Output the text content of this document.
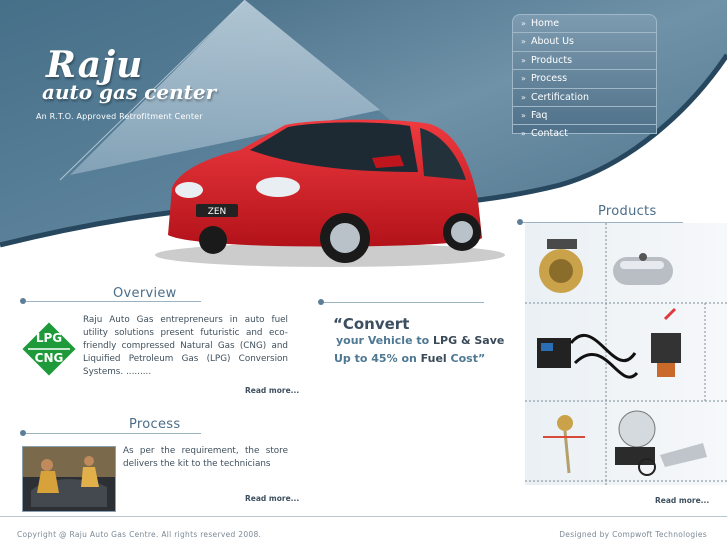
ZEN
Raju
auto gas center
An R.T.O. Approved Retrofitment Center
» Home
» About Us
» Products
» Process
» Certification
» Faq
» Contact
Overview
LPG
CNG
Raju Auto Gas entrepreneurs in auto fuel utility solutions present futuristic and eco-friendly compressed Natural Gas (CNG) and Liquified Petroleum Gas (LPG) Conversion Systems. .........
Read more...
“Convert
your Vehicle to LPG & Save
Up to 45% on Fuel Cost”
Process
As per the requirement, the store delivers the kit to the technicians
Read more...
Products
Read more...
Copyright @ Raju Auto Gas Centre. All rights reserved 2008.	Designed by Compwoft Technologies
